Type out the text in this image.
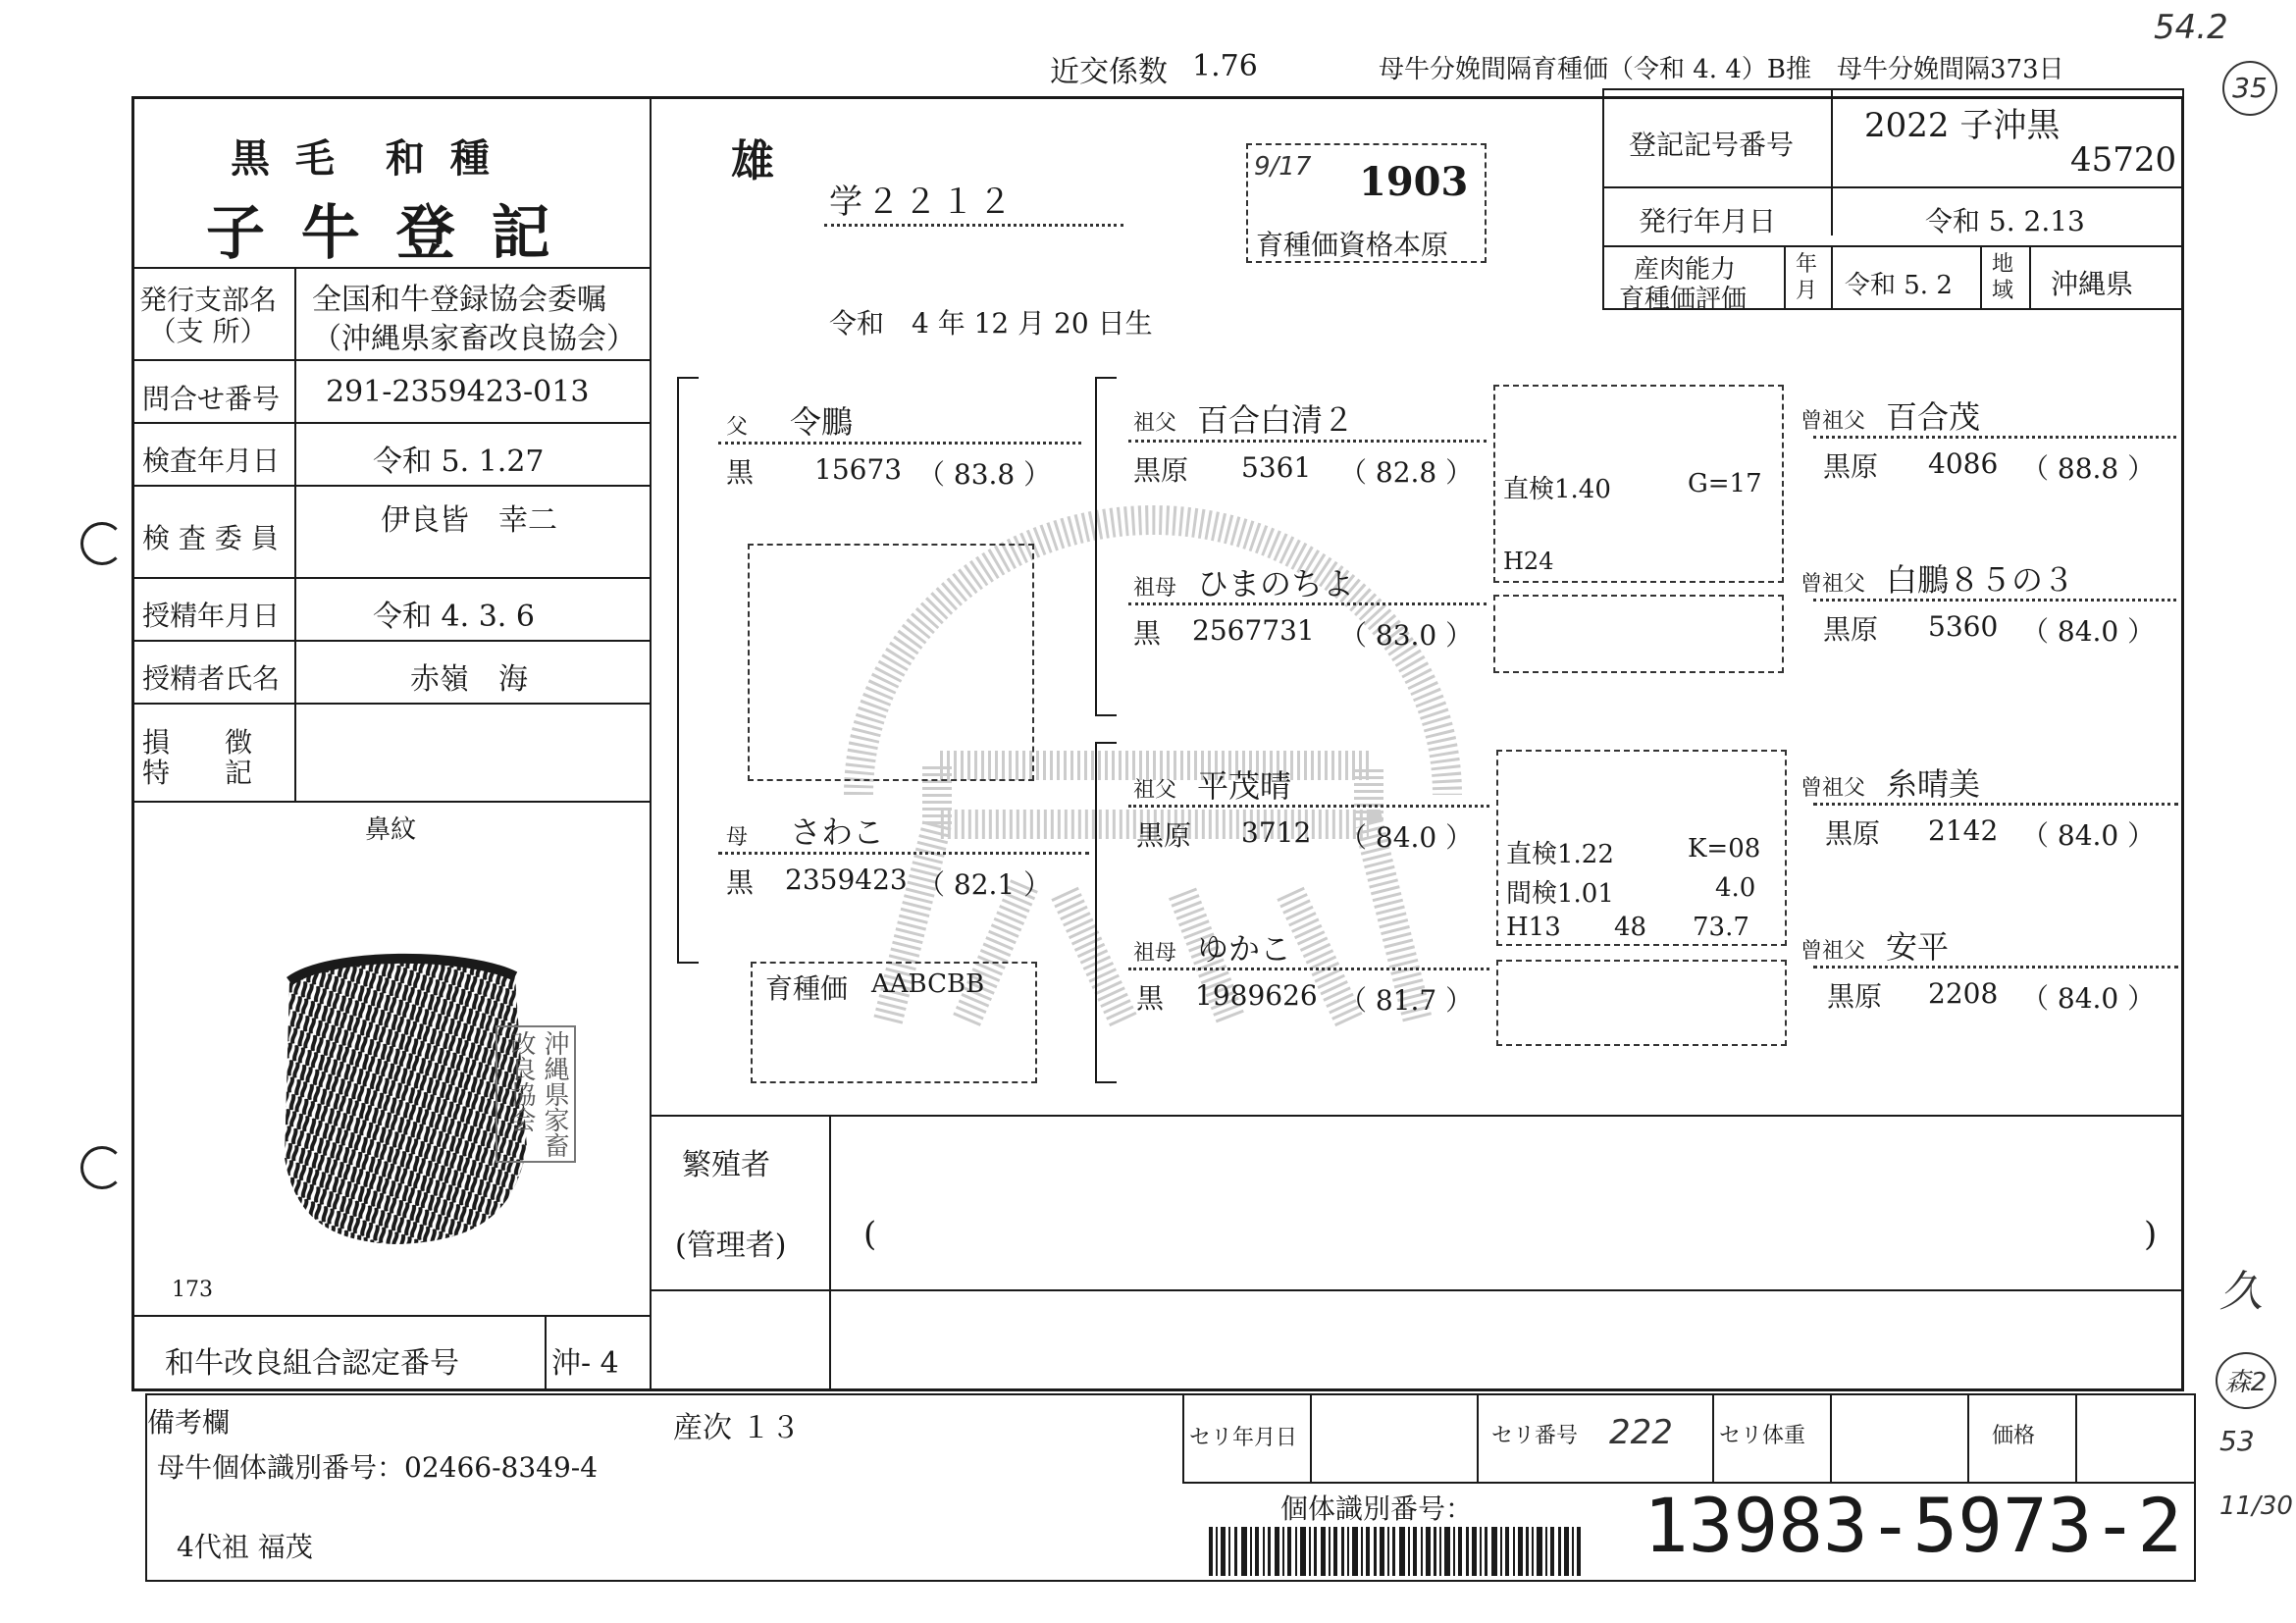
近交係数 1.76	母牛分娩間隔育種価（令和 4. 4）B推　母牛分娩間隔373日
54.2
35
黒 毛　和 種
子 牛 登 記
発行支部名
（支 所）
全国和牛登録協会委嘱
（沖縄県家畜改良協会）
問合せ番号 291-2359423-013
検査年月日	令和 5. 1.27
検 査 委 員
伊良皆　幸二
授精年月日	令和 4. 3. 6
授精者氏名	赤嶺　海
損　　徴
特　　記
鼻紋
沖縄県家畜改良協会
173
和牛改良組合認定番号	沖- 4
雄
学２２１２
9/17 1903
育種価資格本原
令和　4 年 12 月 20 日生
登記記号番号 2022 子沖黒
45720
発行年月日	令和 5. 2.13
産肉能力
育種価評価
年
月 令和 5. 2
地
域 沖縄県
父 令鵬
黒 15673 （ 83.8 ）
母 さわこ
黒 2359423 （ 82.1 ）
育種価 AABCBB
祖父 百合白清２
黒原 5361 （ 82.8 ）
祖母 ひまのちよ
黒 2567731 （ 83.0 ）
祖父 平茂晴
黒原 3712 （ 84.0 ）
祖母 ゆかこ
黒 1989626 （ 81.7 ）
直検1.40	G=17
H24
直検1.22	K=08
間検1.01	4.0
H13 48 73.7
曾祖父 百合茂
黒原 4086 （ 88.8 ）
曾祖父 白鵬８５の３
黒原 5360 （ 84.0 ）
曾祖父 糸晴美
黒原 2142 （ 84.0 ）
曾祖父 安平
黒原 2208 （ 84.0 ）
繁殖者
(管理者) (	)
備考欄
母牛個体識別番号：02466-8349-4
産次 １３
4代祖 福茂
セリ年月日	セリ番号 222 セリ体重	価格
個体識別番号： 13983-5973-2
久
森2
53
11/30
